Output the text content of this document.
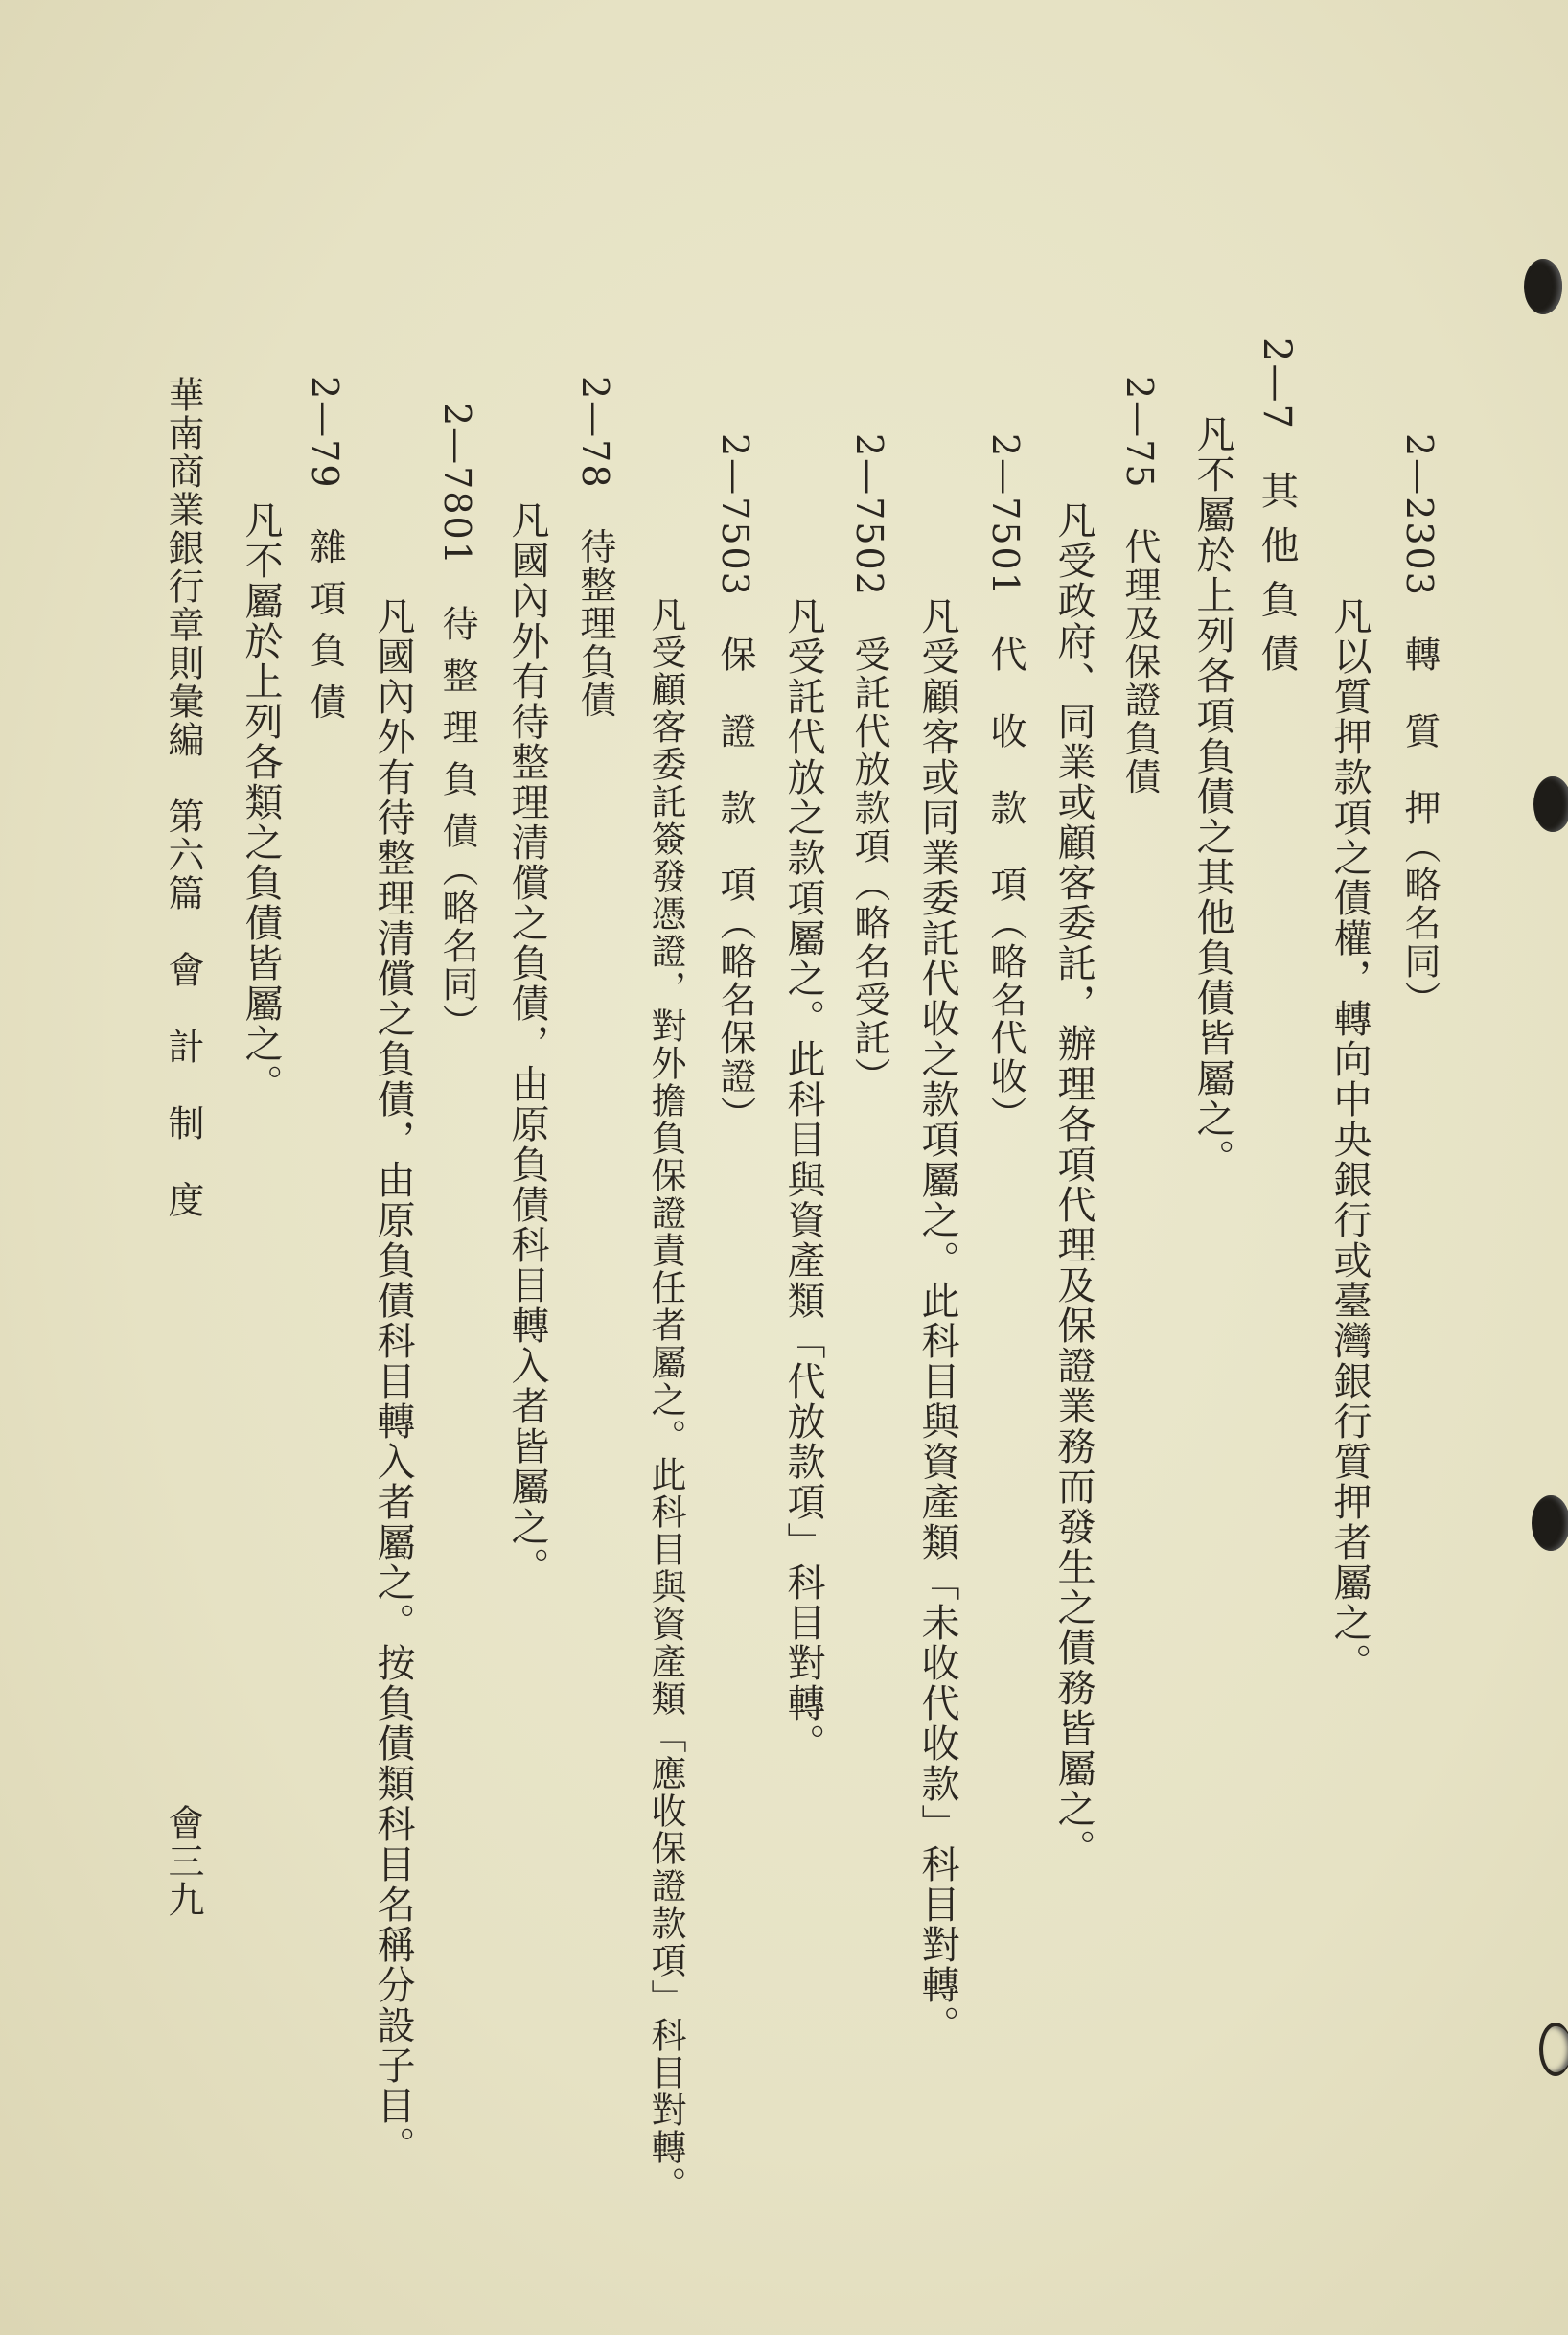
2—2303　轉　質　押（略名同）
凡以質押款項之債權，轉向中央銀行或臺灣銀行質押者屬之。
2—7　其 他 負 債
凡不屬於上列各項負債之其他負債皆屬之。
2—75　代理及保證負債
凡受政府、同業或顧客委託，辦理各項代理及保證業務而發生之債務皆屬之。
2—7501　代　收　款　項（略名代收）
凡受顧客或同業委託代收之款項屬之。此科目與資產類「未收代收款」科目對轉。
2—7502　受託代放款項（略名受託）
凡受託代放之款項屬之。此科目與資產類「代放款項」科目對轉。
2—7503　保　證　款　項（略名保證）
凡受顧客委託簽發憑證，對外擔負保證責任者屬之。此科目與資產類「應收保證款項」科目對轉。
2—78　待整理負債
凡國內外有待整理清償之負債，由原負債科目轉入者皆屬之。
2—7801　待 整 理 負 債（略名同）
凡國內外有待整理清償之負債，由原負債科目轉入者屬之。按負債類科目名稱分設子目。
2—79　雜 項 負 債
凡不屬於上列各類之負債皆屬之。
華南商業銀行章則彙編　第六篇　會　計　制　度
會三九
